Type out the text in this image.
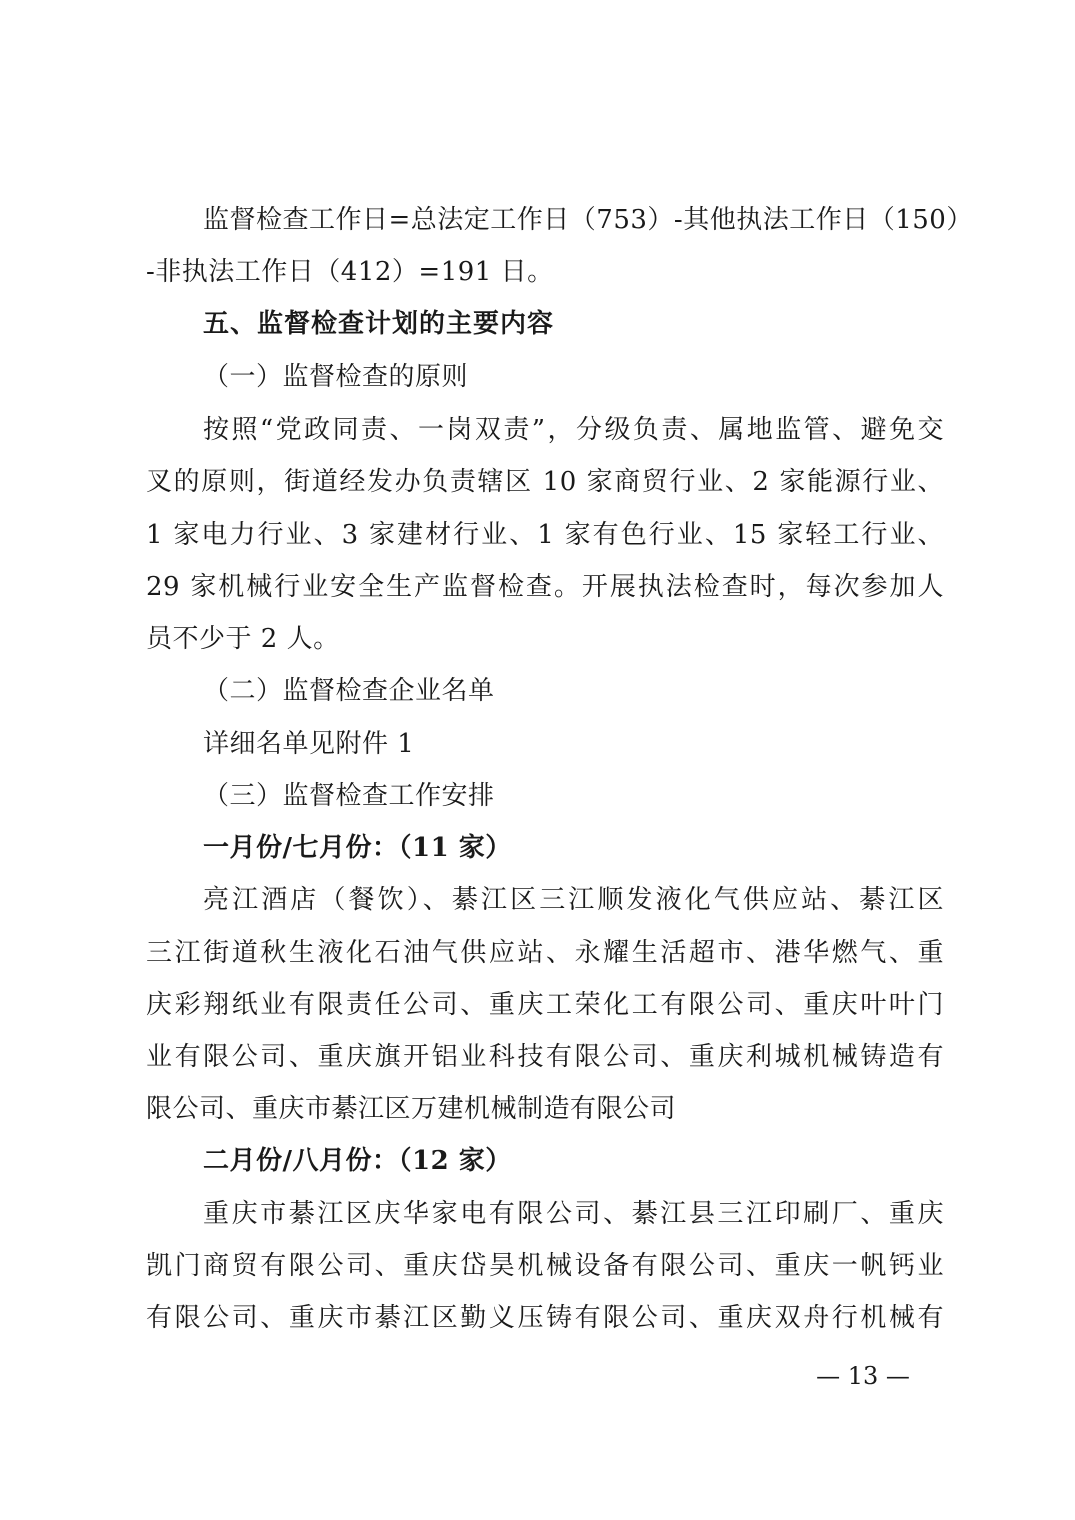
监督检查工作日=总法定工作日（753）-其他执法工作日（150）
-非执法工作日（412）=191 日。
五、监督检查计划的主要内容
（一）监督检查的原则
按照“党政同责、一岗双责”，分级负责、属地监管、避免交
叉的原则，街道经发办负责辖区 10 家商贸行业、2 家能源行业、
1 家电力行业、3 家建材行业、1 家有色行业、15 家轻工行业、
29 家机械行业安全生产监督检查。开展执法检查时，每次参加人
员不少于 2 人。
（二）监督检查企业名单
详细名单见附件 1
（三）监督检查工作安排
一月份/七月份：（11 家）
亮江酒店（餐饮）、綦江区三江顺发液化气供应站、綦江区
三江街道秋生液化石油气供应站、永耀生活超市、港华燃气、重
庆彩翔纸业有限责任公司、重庆工荣化工有限公司、重庆叶叶门
业有限公司、重庆旗开铝业科技有限公司、重庆利城机械铸造有
限公司、重庆市綦江区万建机械制造有限公司
二月份/八月份：（12 家）
重庆市綦江区庆华家电有限公司、綦江县三江印刷厂、重庆
凯门商贸有限公司、重庆岱昊机械设备有限公司、重庆一帆钙业
有限公司、重庆市綦江区勤义压铸有限公司、重庆双舟行机械有
— 13 —
